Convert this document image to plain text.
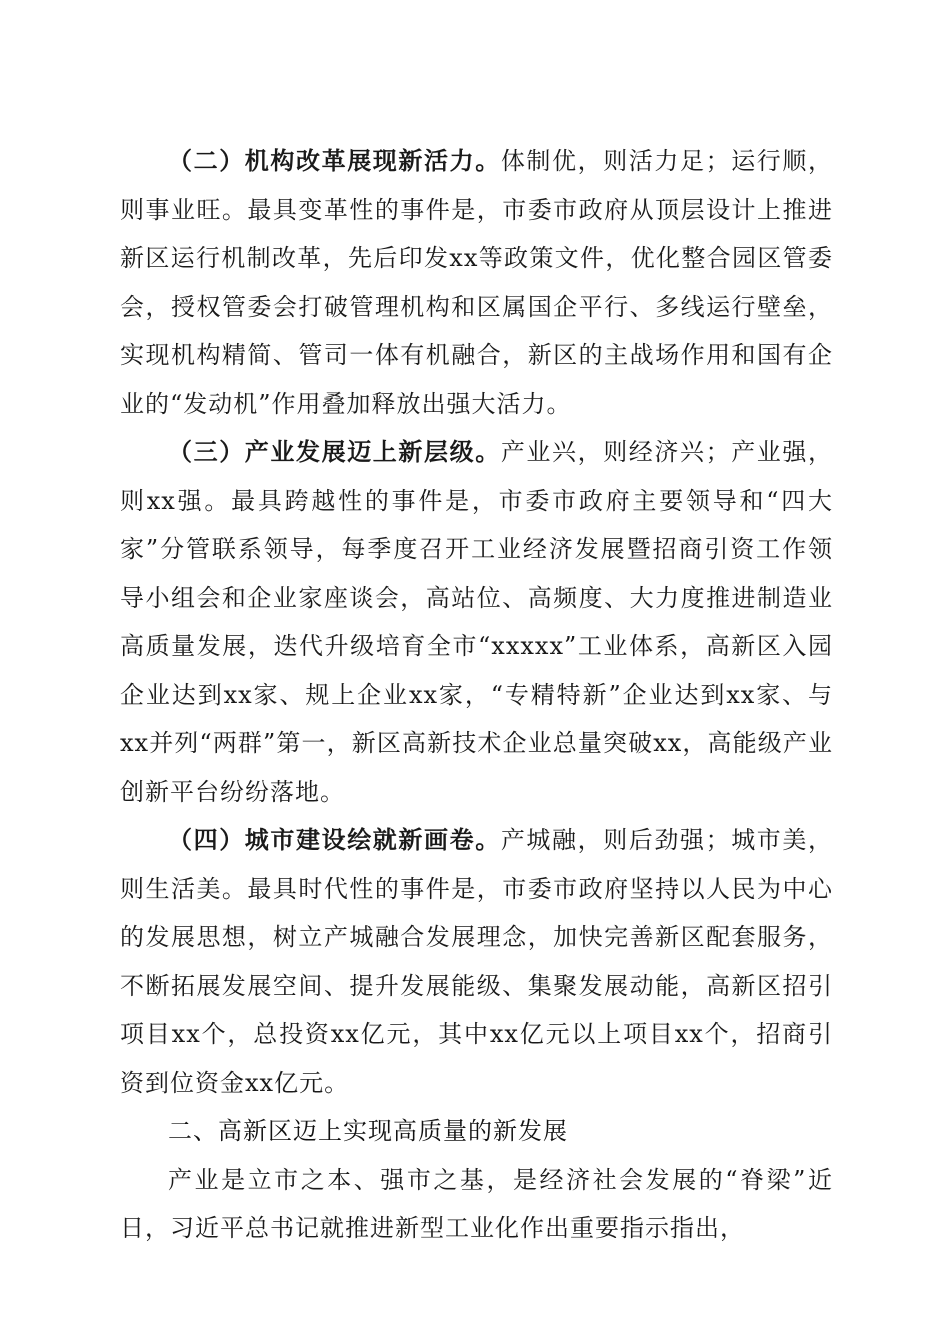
（二）机构改革展现新活力。体制优，则活力足；运行顺，则事业旺。最具变革性的事件是，市委市政府从顶层设计上推进新区运行机制改革，先后印发xx等政策文件，优化整合园区管委会，授权管委会打破管理机构和区属国企平行、多线运行壁垒，实现机构精简、管司一体有机融合，新区的主战场作用和国有企业的“发动机”作用叠加释放出强大活力。

（三）产业发展迈上新层级。产业兴，则经济兴；产业强，则xx强。最具跨越性的事件是，市委市政府主要领导和“四大家”分管联系领导，每季度召开工业经济发展暨招商引资工作领导小组会和企业家座谈会，高站位、高频度、大力度推进制造业高质量发展，迭代升级培育全市“xxxxx”工业体系，高新区入园企业达到xx家、规上企业xx家，“专精特新”企业达到xx家、与xx并列“两群”第一，新区高新技术企业总量突破xx，高能级产业创新平台纷纷落地。

（四）城市建设绘就新画卷。产城融，则后劲强；城市美，则生活美。最具时代性的事件是，市委市政府坚持以人民为中心的发展思想，树立产城融合发展理念，加快完善新区配套服务，不断拓展发展空间、提升发展能级、集聚发展动能，高新区招引项目xx个，总投资xx亿元，其中xx亿元以上项目xx个，招商引资到位资金xx亿元。

二、高新区迈上实现高质量的新发展

产业是立市之本、强市之基，是经济社会发展的“脊梁”近日，习近平总书记就推进新型工业化作出重要指示指出，
